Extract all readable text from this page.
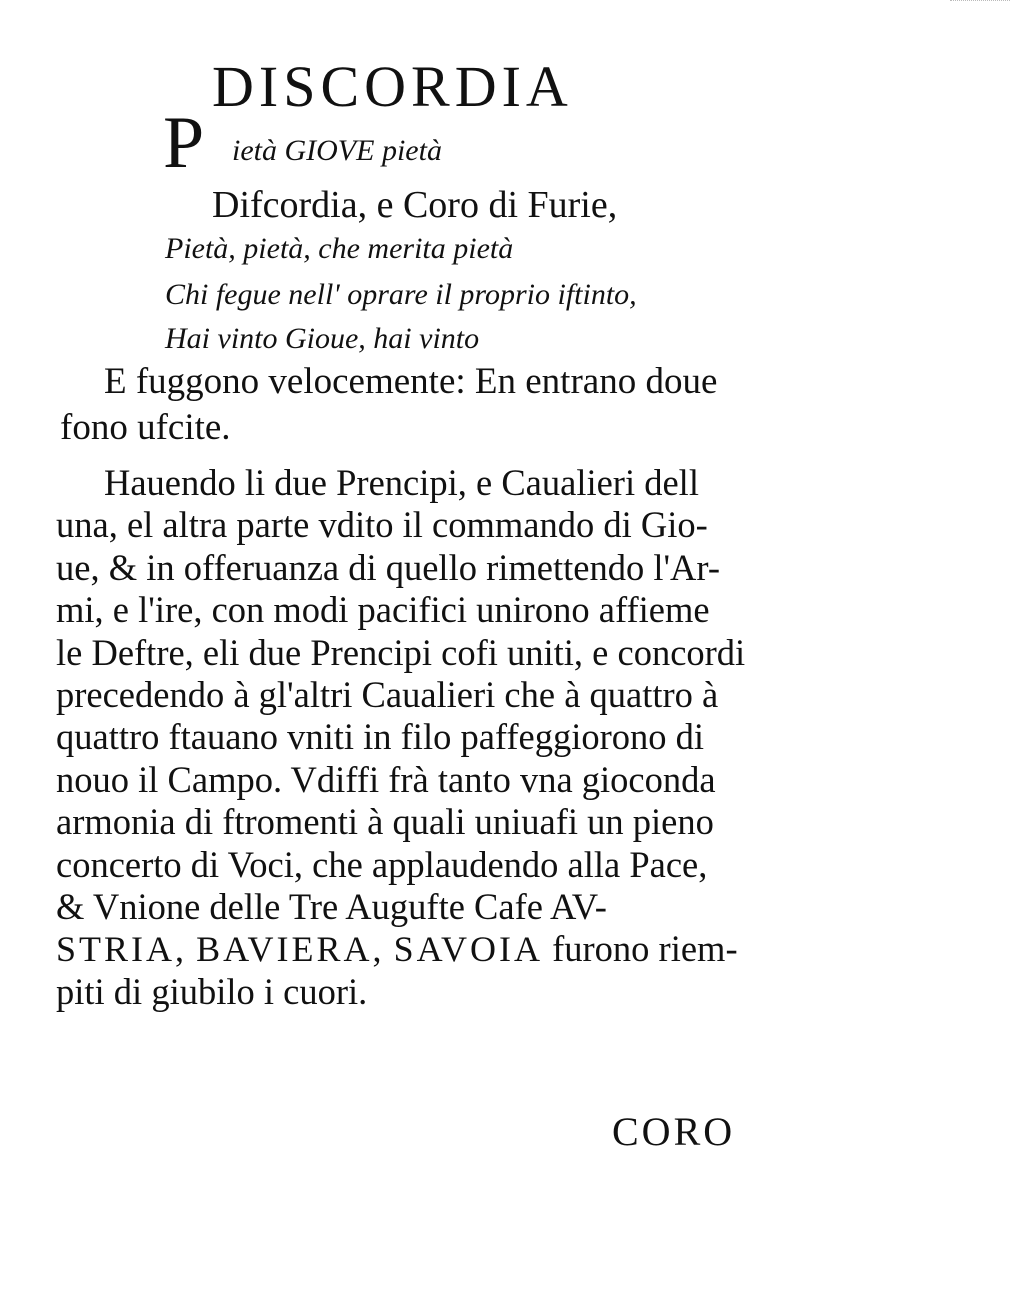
DISCORDIA
P ietà GIOVE pietà
Difcordia, e Coro di Furie,
Pietà, pietà, che merita pietà
Chi fegue nell' oprare il proprio iftinto,
Hai vinto Gioue, hai vinto
E fuggono velocemente: En entrano doue
fono ufcite.
Hauendo li due Prencipi, e Caualieri dell
una, el altra parte vdito il commando di Gio-
ue, & in offeruanza di quello rimettendo l'Ar-
mi, e l'ire, con modi pacifici unirono affieme
le Deftre, eli due Prencipi cofi uniti, e concordi
precedendo à gl'altri Caualieri che à quattro à
quattro ftauano vniti in filo paffeggiorono di
nouo il Campo. Vdiffi frà tanto vna gioconda
armonia di ftromenti à quali uniuafi un pieno
concerto di Voci, che applaudendo alla Pace,
& Vnione delle Tre Augufte Cafe AV-
STRIA, BAVIERA, SAVOIA furono riem-
piti di giubilo i cuori.
CORO
